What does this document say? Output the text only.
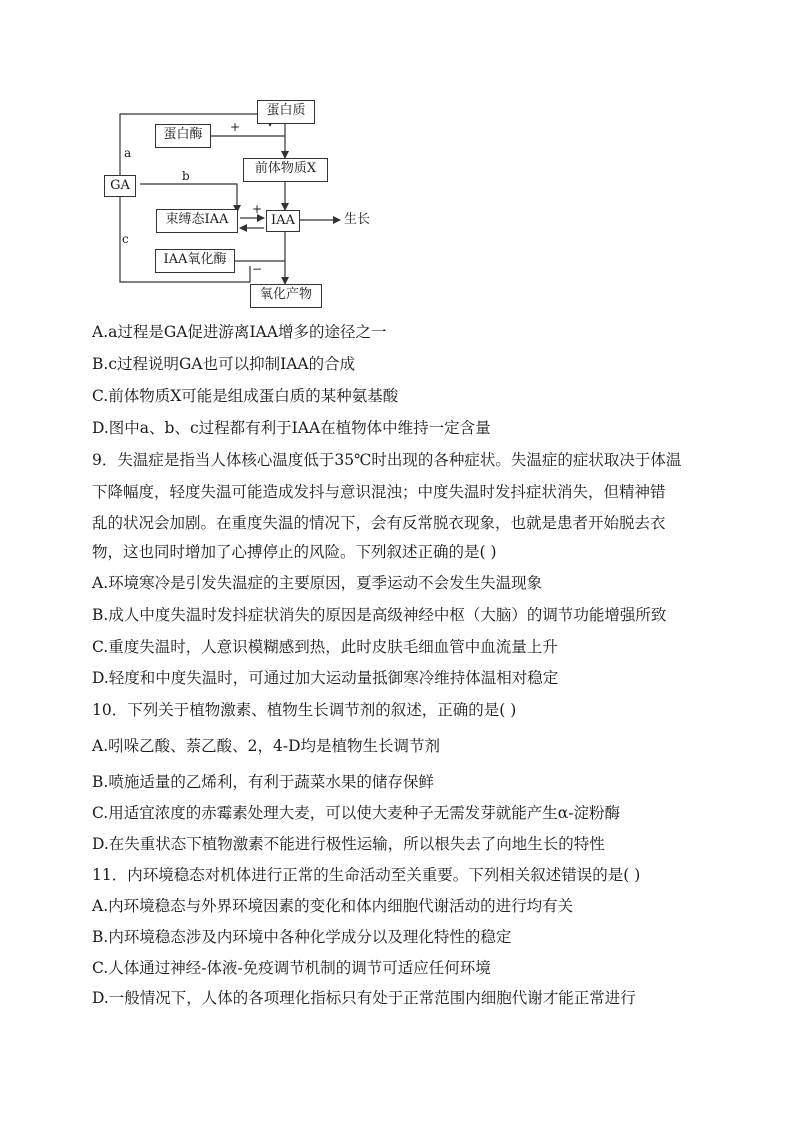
蛋白质
蛋白酶
前体物质X
GA
束缚态IAA	IAA
IAA氧化酶
氧化产物
a
b
c
+
+
−
生长
A.a过程是GA促进游离IAA增多的途径之一
B.c过程说明GA也可以抑制IAA的合成
C.前体物质X可能是组成蛋白质的某种氨基酸
D.图中a、b、c过程都有利于IAA在植物体中维持一定含量
9．失温症是指当人体核心温度低于35℃时出现的各种症状。失温症的症状取决于体温
下降幅度，轻度失温可能造成发抖与意识混浊；中度失温时发抖症状消失，但精神错
乱的状况会加剧。在重度失温的情况下，会有反常脱衣现象，也就是患者开始脱去衣
物，这也同时增加了心搏停止的风险。下列叙述正确的是( )
A.环境寒冷是引发失温症的主要原因，夏季运动不会发生失温现象
B.成人中度失温时发抖症状消失的原因是高级神经中枢（大脑）的调节功能增强所致
C.重度失温时，人意识模糊感到热，此时皮肤毛细血管中血流量上升
D.轻度和中度失温时，可通过加大运动量抵御寒冷维持体温相对稳定
10．下列关于植物激素、植物生长调节剂的叙述，正确的是( )
A.吲哚乙酸、萘乙酸、2，4-D均是植物生长调节剂
B.喷施适量的乙烯利，有利于蔬菜水果的储存保鲜
C.用适宜浓度的赤霉素处理大麦，可以使大麦种子无需发芽就能产生α-淀粉酶
D.在失重状态下植物激素不能进行极性运输，所以根失去了向地生长的特性
11．内环境稳态对机体进行正常的生命活动至关重要。下列相关叙述错误的是( )
A.内环境稳态与外界环境因素的变化和体内细胞代谢活动的进行均有关
B.内环境稳态涉及内环境中各种化学成分以及理化特性的稳定
C.人体通过神经-体液-免疫调节机制的调节可适应任何环境
D.一般情况下，人体的各项理化指标只有处于正常范围内细胞代谢才能正常进行
